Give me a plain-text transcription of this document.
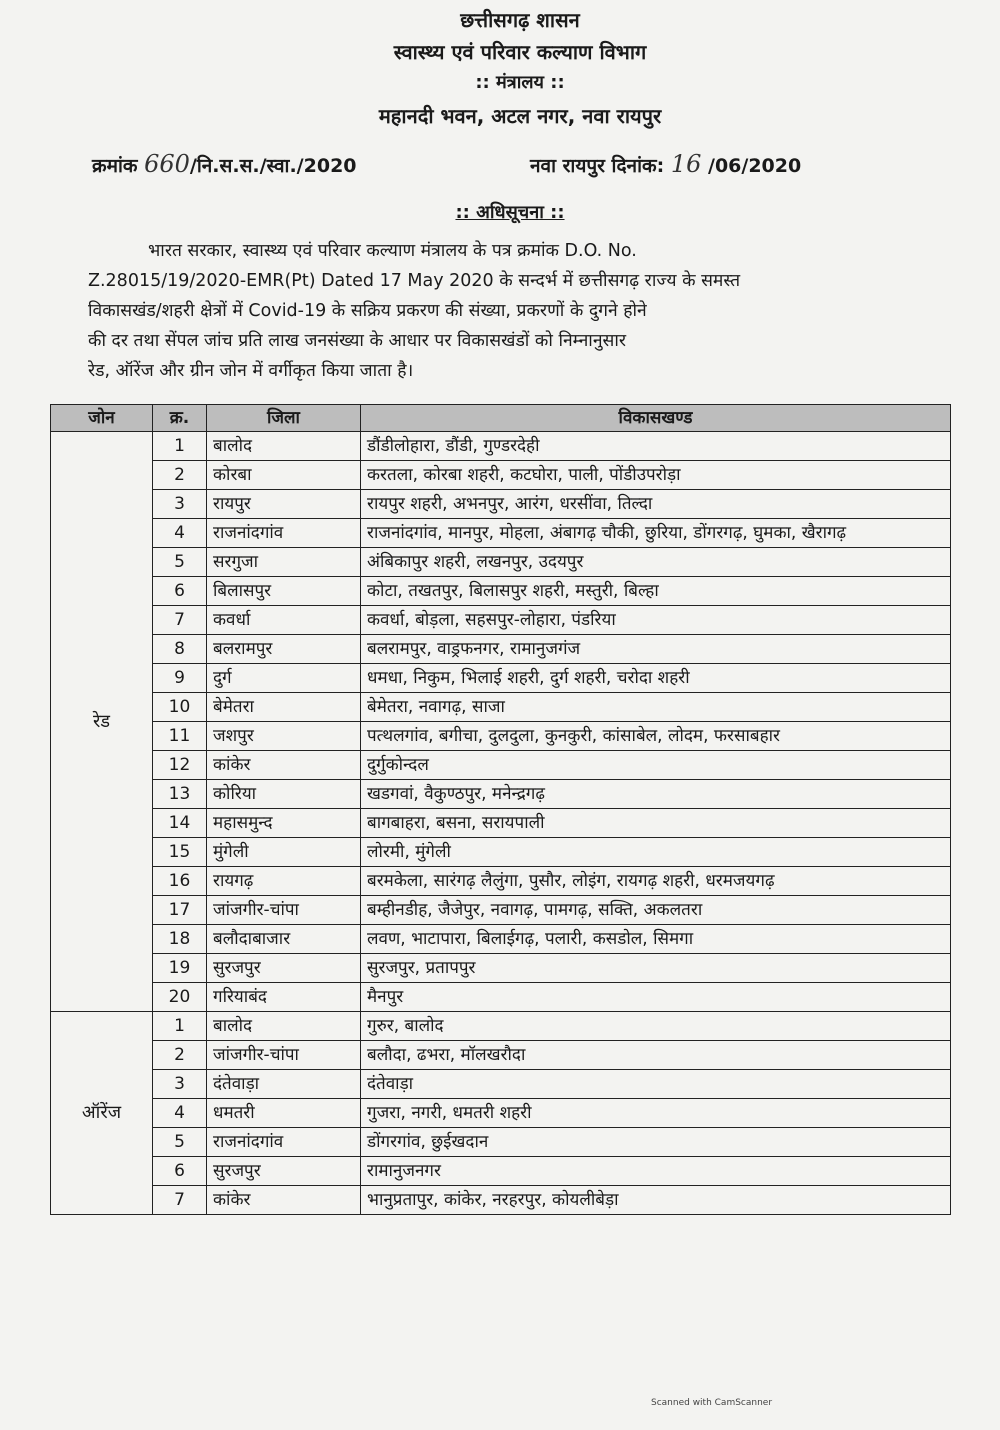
छत्तीसगढ़ शासन
स्वास्थ्य एवं परिवार कल्याण विभाग
:: मंत्रालय ::
महानदी भवन, अटल नगर, नवा रायपुर
क्रमांक 660/नि.स.स./स्वा./2020	नवा रायपुर दिनांक: 16 /06/2020
:: अधिसूचना ::
भारत सरकार, स्वास्थ्य एवं परिवार कल्याण मंत्रालय के पत्र क्रमांक D.O. No.
Z.28015/19/2020-EMR(Pt) Dated 17 May 2020 के सन्दर्भ में छत्तीसगढ़ राज्य के समस्त
विकासखंड/शहरी क्षेत्रों में Covid-19 के सक्रिय प्रकरण की संख्या, प्रकरणों के दुगने होने
की दर तथा सेंपल जांच प्रति लाख जनसंख्या के आधार पर विकासखंडों को निम्नानुसार
रेड, ऑरेंज और ग्रीन जोन में वर्गीकृत किया जाता है।
जोन	क्र.	जिला	विकासखण्ड
रेड	1	बालोद	डौंडीलोहारा, डौंडी, गुण्डरदेही
	2	कोरबा	करतला, कोरबा शहरी, कटघोरा, पाली, पोंडीउपरोड़ा
	3	रायपुर	रायपुर शहरी, अभनपुर, आरंग, धरसींवा, तिल्दा
	4	राजनांदगांव	राजनांदगांव, मानपुर, मोहला, अंबागढ़ चौकी, छुरिया, डोंगरगढ़, घुमका, खैरागढ़
	5	सरगुजा	अंबिकापुर शहरी, लखनपुर, उदयपुर
	6	बिलासपुर	कोटा, तखतपुर, बिलासपुर शहरी, मस्तुरी, बिल्हा
	7	कवर्धा	कवर्धा, बोड़ला, सहसपुर-लोहारा, पंडरिया
	8	बलरामपुर	बलरामपुर, वाड्रफनगर, रामानुजगंज
	9	दुर्ग	धमधा, निकुम, भिलाई शहरी, दुर्ग शहरी, चरोदा शहरी
	10	बेमेतरा	बेमेतरा, नवागढ़, साजा
	11	जशपुर	पत्थलगांव, बगीचा, दुलदुला, कुनकुरी, कांसाबेल, लोदम, फरसाबहार
	12	कांकेर	दुर्गुकोन्दल
	13	कोरिया	खडगवां, वैकुण्ठपुर, मनेन्द्रगढ़
	14	महासमुन्द	बागबाहरा, बसना, सरायपाली
	15	मुंगेली	लोरमी, मुंगेली
	16	रायगढ़	बरमकेला, सारंगढ़ लैलुंगा, पुसौर, लोइंग, रायगढ़ शहरी, धरमजयगढ़
	17	जांजगीर-चांपा	बम्हीनडीह, जैजेपुर, नवागढ़, पामगढ़, सक्ति, अकलतरा
	18	बलौदाबाजार	लवण, भाटापारा, बिलाईगढ़, पलारी, कसडोल, सिमगा
	19	सुरजपुर	सुरजपुर, प्रतापपुर
	20	गरियाबंद	मैनपुर
ऑरेंज	1	बालोद	गुरुर, बालोद
	2	जांजगीर-चांपा	बलौदा, ढभरा, मॉलखरौदा
	3	दंतेवाड़ा	दंतेवाड़ा
	4	धमतरी	गुजरा, नगरी, धमतरी शहरी
	5	राजनांदगांव	डोंगरगांव, छुईखदान
	6	सुरजपुर	रामानुजनगर
	7	कांकेर	भानुप्रतापुर, कांकेर, नरहरपुर, कोयलीबेड़ा
Scanned with CamScanner
